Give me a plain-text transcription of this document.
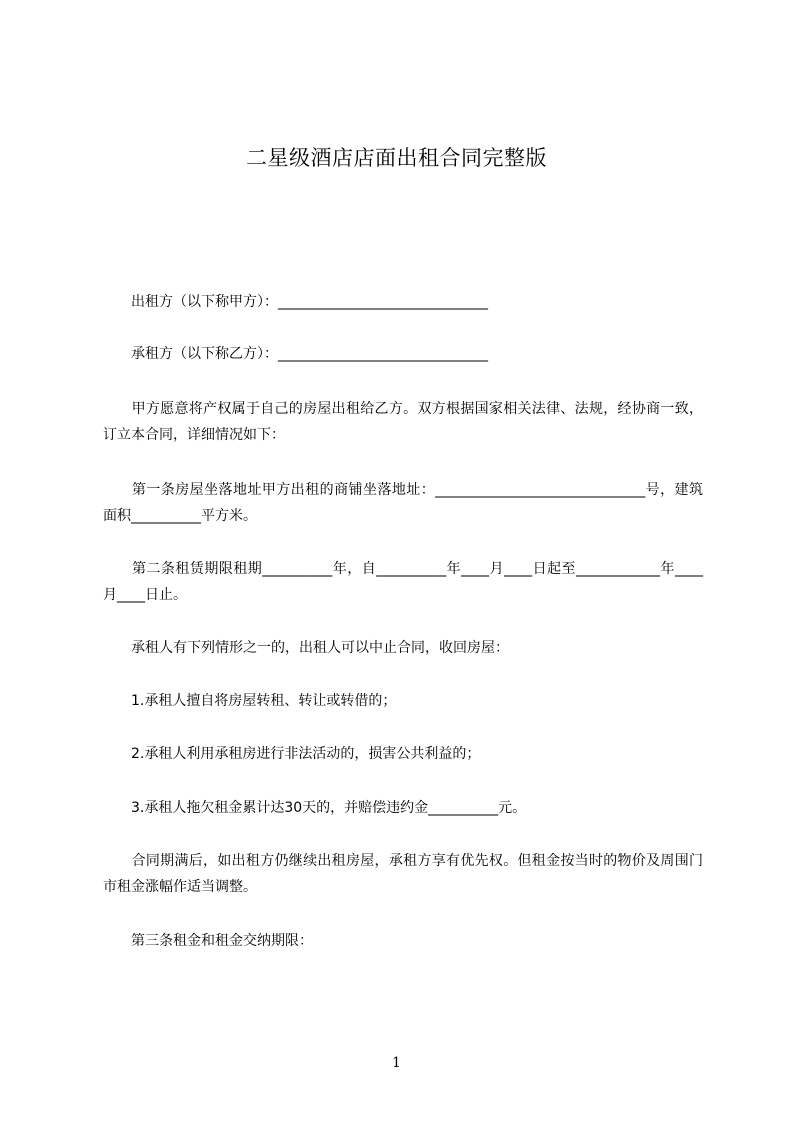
二星级酒店店面出租合同完整版
　　出租方（以下称甲方）：______________________________
　　承租方（以下称乙方）：______________________________
　　甲方愿意将产权属于自己的房屋出租给乙方。双方根据国家相关法律、法规，经协商一致，订立本合同，详细情况如下：
　　第一条房屋坐落地址甲方出租的商铺坐落地址：______________________________号，建筑面积__________平方米。
　　第二条租赁期限租期__________年，自__________年____月____日起至____________年____月____日止。
　　承租人有下列情形之一的，出租人可以中止合同，收回房屋：
　　1.承租人擅自将房屋转租、转让或转借的；
　　2.承租人利用承租房进行非法活动的，损害公共利益的；
　　3.承租人拖欠租金累计达30天的，并赔偿违约金__________元。
　　合同期满后，如出租方仍继续出租房屋，承租方享有优先权。但租金按当时的物价及周围门市租金涨幅作适当调整。
　　第三条租金和租金交纳期限：
1
